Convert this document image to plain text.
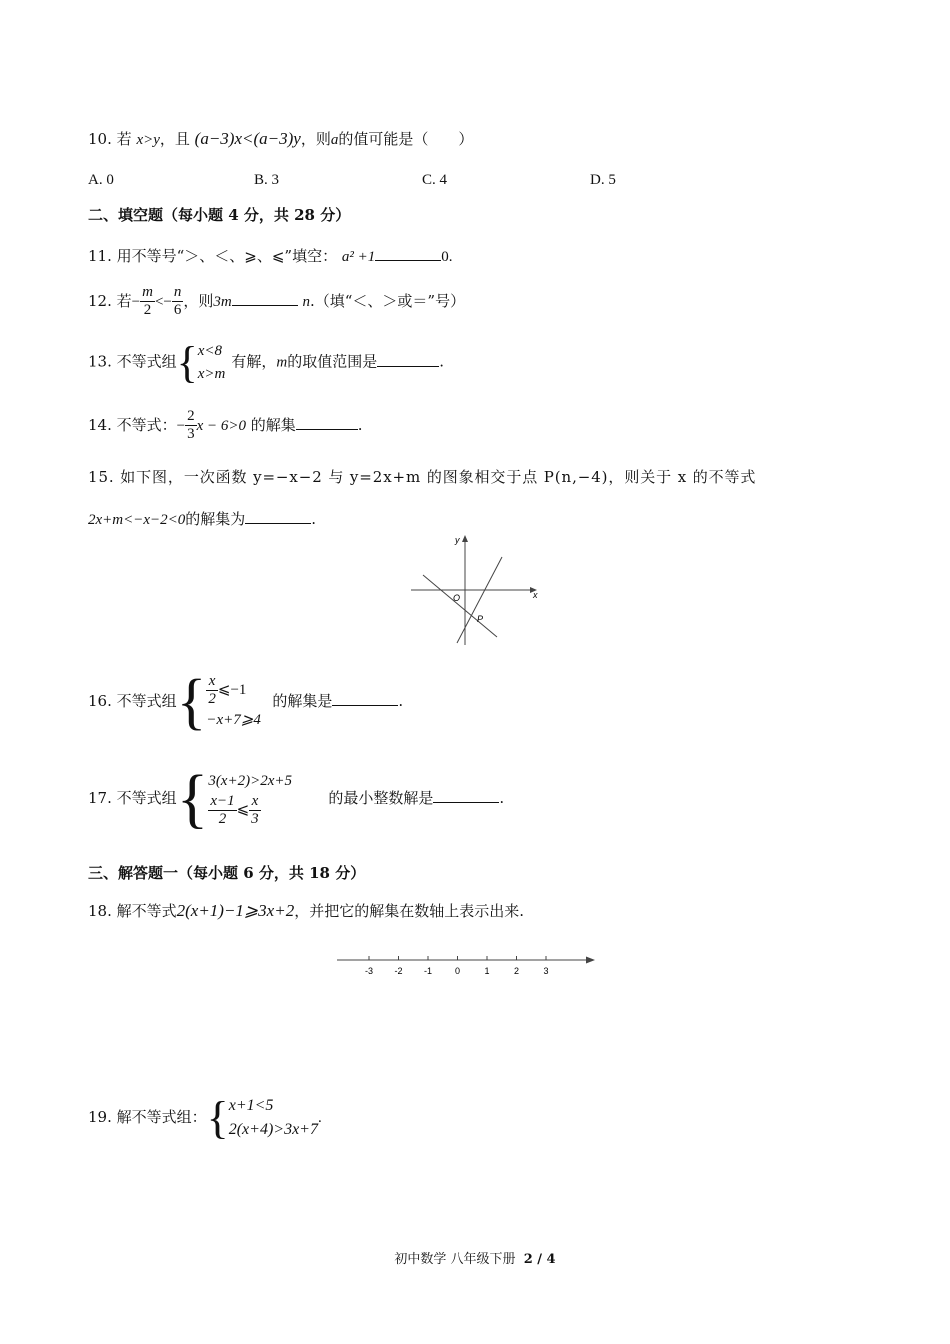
10. 若 x>y，且 (a−3)x<(a−3)y，则a的值可能是（　　）
A. 0	B. 3	C. 4	D. 5
二、填空题（每小题 4 分，共 28 分）
11. 用不等号“＞、＜、⩾、⩽”填空： a² +1	0.
12. 若− $\frac{m}{2} <- \frac{n}{6}$ ，则3m	n.（填“＜、＞或＝”号）
13. 不等式组{ x<8
x>m
有解，m的取值范围是	.
14. 不等式：− $\frac{2}{3}$ x − 6>0 的解集	.
15. 如下图，一次函数 y=−x−2 与 y=2x+m 的图象相交于点 P(n,−4)，则关于 x 的不等式
2x+m<−x−2<0的解集为	.
x
y
O
P
16. 不等式组{ $\frac{x}{2}$ ⩽−1
−x+7⩾4
的解集是	.
17. 不等式组{ 3(x+2)>2x+5
$\frac{x-1}{2}$ ⩽ $\frac{x}{3}$	的最小整数解是	.
三、解答题一（每小题 6 分，共 18 分）
18. 解不等式2(x+1)−1⩾3x+2，并把它的解集在数轴上表示出来.
-3 -2 -1	0	1	2	3
19. 解不等式组：{ x+1<5
2(x+4)>3x+7
.
初中数学 八年级下册 2 / 4
